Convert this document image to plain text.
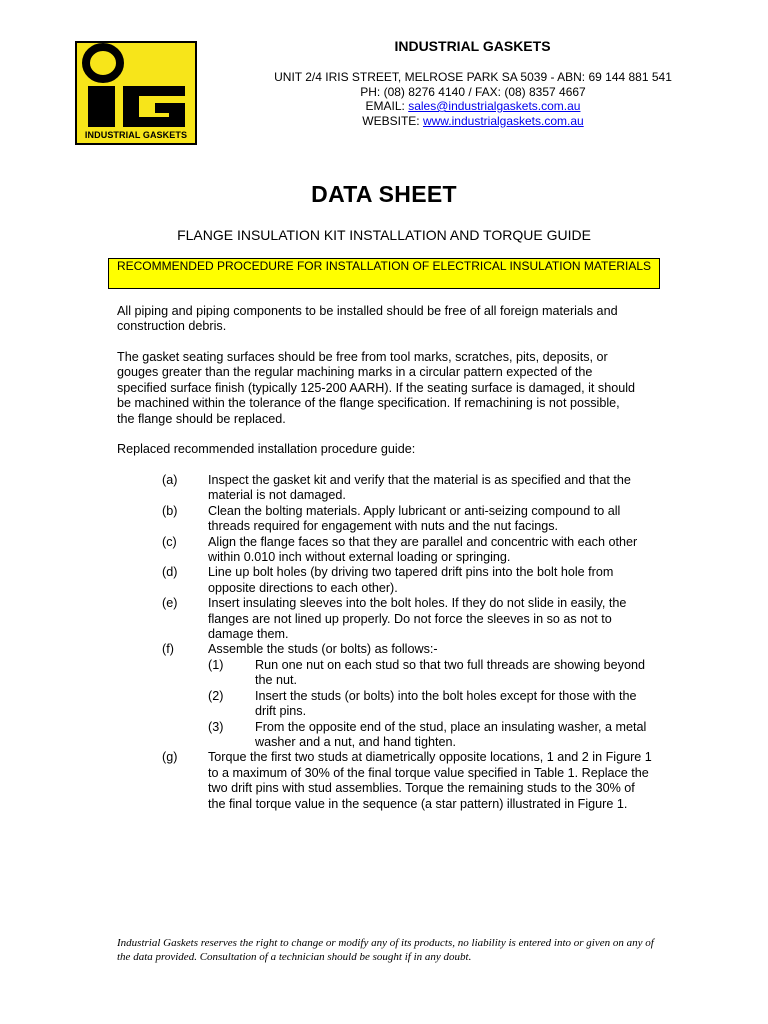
INDUSTRIAL GASKETS
INDUSTRIAL GASKETS
UNIT 2/4 IRIS STREET, MELROSE PARK SA 5039 - ABN: 69 144 881 541
PH: (08) 8276 4140 / FAX: (08) 8357 4667
EMAIL: sales@industrialgaskets.com.au
WEBSITE: www.industrialgaskets.com.au
DATA SHEET
FLANGE INSULATION KIT INSTALLATION AND TORQUE GUIDE
RECOMMENDED PROCEDURE FOR INSTALLATION OF ELECTRICAL INSULATION MATERIALS
All piping and piping components to be installed should be free of all foreign materials and construction debris.
The gasket seating surfaces should be free from tool marks, scratches, pits, deposits, or gouges greater than the regular machining marks in a circular pattern expected of the specified surface finish (typically 125-200 AARH). If the seating surface is damaged, it should be machined within the tolerance of the flange specification. If remachining is not possible, the flange should be replaced.
Replaced recommended installation procedure guide:
(a)	Inspect the gasket kit and verify that the material is as specified and that the material is not damaged.
(b)	Clean the bolting materials. Apply lubricant or anti-seizing compound to all threads required for engagement with nuts and the nut facings.
(c)	Align the flange faces so that they are parallel and concentric with each other within 0.010 inch without external loading or springing.
(d)	Line up bolt holes (by driving two tapered drift pins into the bolt hole from opposite directions to each other).
(e)	Insert insulating sleeves into the bolt holes. If they do not slide in easily, the flanges are not lined up properly. Do not force the sleeves in so as not to damage them.
(f)	Assemble the studs (or bolts) as follows:-
(1)	Run one nut on each stud so that two full threads are showing beyond the nut.
(2)	Insert the studs (or bolts) into the bolt holes except for those with the drift pins.
(3)	From the opposite end of the stud, place an insulating washer, a metal washer and a nut, and hand tighten.
(g)	Torque the first two studs at diametrically opposite locations, 1 and 2 in Figure 1 to a maximum of 30% of the final torque value specified in Table 1. Replace the two drift pins with stud assemblies. Torque the remaining studs to the 30% of the final torque value in the sequence (a star pattern) illustrated in Figure 1.
Industrial Gaskets reserves the right to change or modify any of its products, no liability is entered into or given on any of the data provided. Consultation of a technician should be sought if in any doubt.
